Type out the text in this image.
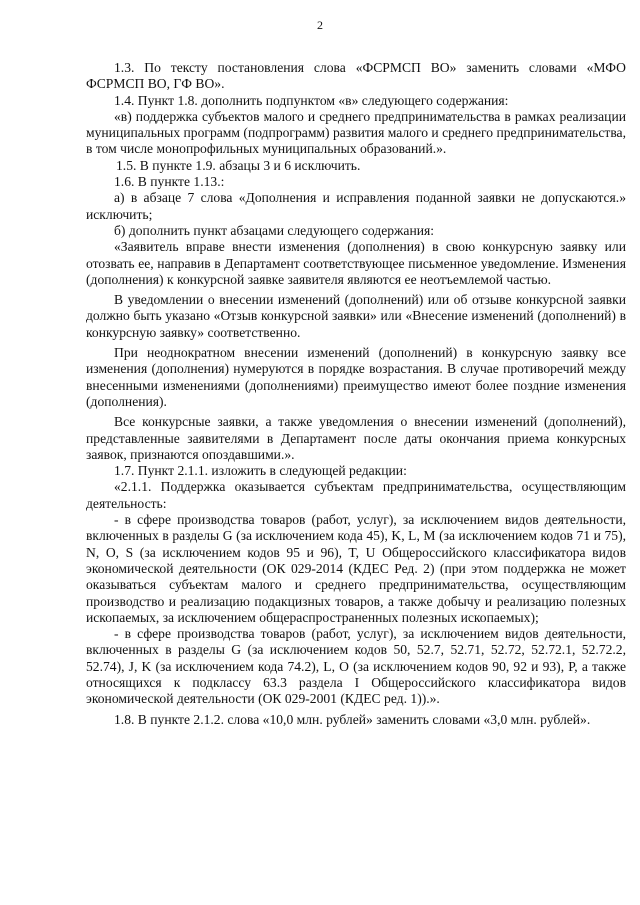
2

1.3. По тексту постановления слова «ФСРМСП ВО» заменить словами «МФО ФСРМСП ВО, ГФ ВО».

1.4. Пункт 1.8. дополнить подпунктом «в» следующего содержания:

«в) поддержка субъектов малого и среднего предпринимательства в рамках реализации муниципальных программ (подпрограмм) развития малого и среднего предпринимательства, в том числе монопрофильных муниципальных образований.».

1.5. В пункте 1.9. абзацы 3 и 6 исключить.

1.6. В пункте 1.13.:

а) в абзаце 7 слова «Дополнения и исправления поданной заявки не допускаются.» исключить;

б) дополнить пункт абзацами следующего содержания:

«Заявитель вправе внести изменения (дополнения) в свою конкурсную заявку или отозвать ее, направив в Департамент соответствующее письменное уведомление. Изменения (дополнения) к конкурсной заявке заявителя являются ее неотъемлемой частью.

В уведомлении о внесении изменений (дополнений) или об отзыве конкурсной заявки должно быть указано «Отзыв конкурсной заявки» или «Внесение изменений (дополнений) в конкурсную заявку» соответственно.

При неоднократном внесении изменений (дополнений) в конкурсную заявку все изменения (дополнения) нумеруются в порядке возрастания. В случае противоречий между внесенными изменениями (дополнениями) преимущество имеют более поздние изменения (дополнения).

Все конкурсные заявки, а также уведомления о внесении изменений (дополнений), представленные заявителями в Департамент после даты окончания приема конкурсных заявок, признаются опоздавшими.».

1.7. Пункт 2.1.1. изложить в следующей редакции:

«2.1.1. Поддержка оказывается субъектам предпринимательства, осуществляющим деятельность:

- в сфере производства товаров (работ, услуг), за исключением видов деятельности, включенных в разделы G (за исключением кода 45), K, L, M (за исключением кодов 71 и 75), N, O, S (за исключением кодов 95 и 96), T, U Общероссийского классификатора видов экономической деятельности (ОК 029-2014 (КДЕС Ред. 2) (при этом поддержка не может оказываться субъектам малого и среднего предпринимательства, осуществляющим производство и реализацию подакцизных товаров, а также добычу и реализацию полезных ископаемых, за исключением общераспространенных полезных ископаемых);

- в сфере производства товаров (работ, услуг), за исключением видов деятельности, включенных в разделы G (за исключением кодов 50, 52.7, 52.71, 52.72, 52.72.1, 52.72.2, 52.74), J, K (за исключением кода 74.2), L, O (за исключением кодов 90, 92 и 93), P, а также относящихся к подклассу 63.3 раздела I Общероссийского классификатора видов экономической деятельности (ОК 029-2001 (КДЕС ред. 1)).».

1.8. В пункте 2.1.2. слова «10,0 млн. рублей» заменить словами «3,0 млн. рублей».
